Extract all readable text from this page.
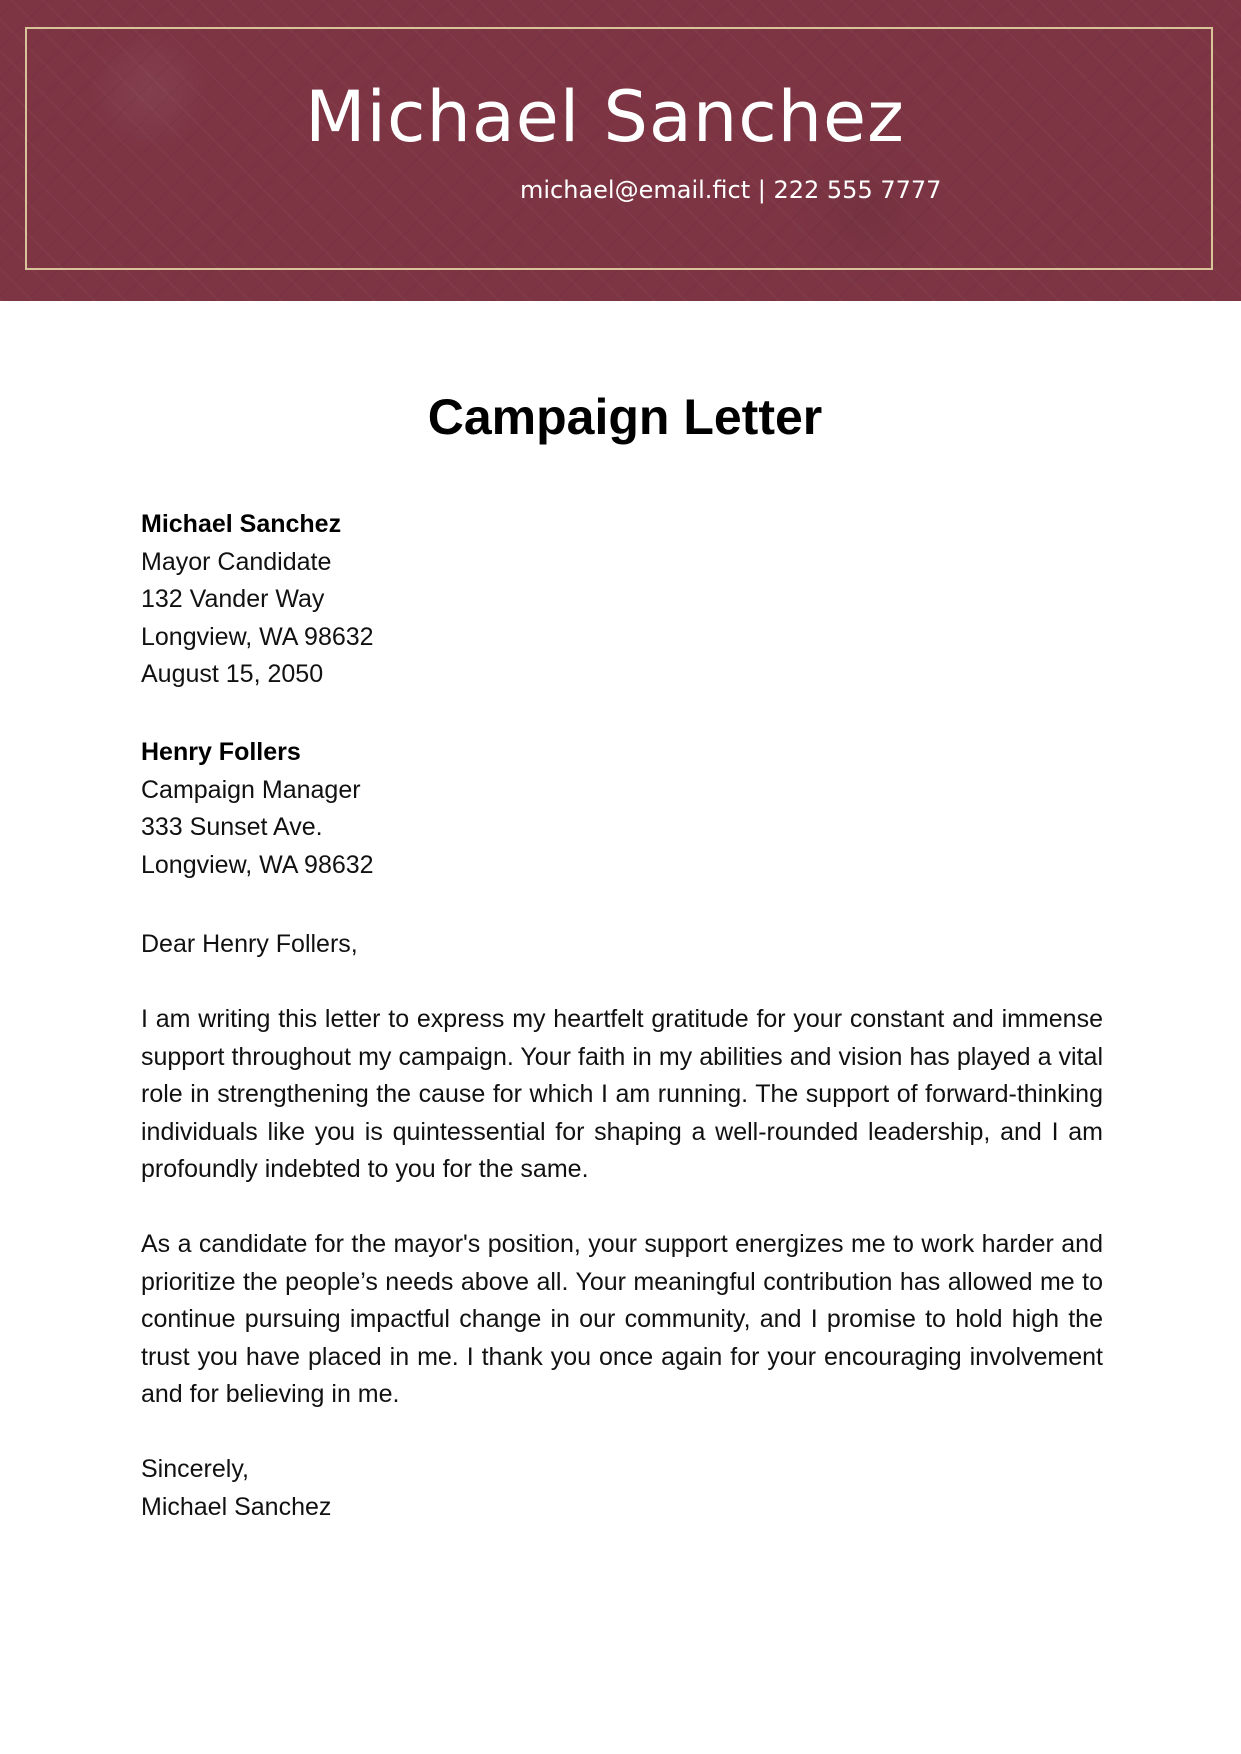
Michael Sanchez
michael@email.fict | 222 555 7777
Campaign Letter
Michael Sanchez
Mayor Candidate
132 Vander Way
Longview, WA 98632
August 15, 2050
Henry Follers
Campaign Manager
333 Sunset Ave.
Longview, WA 98632
Dear Henry Follers,

I am writing this letter to express my heartfelt gratitude for your constant and immense support throughout my campaign. Your faith in my abilities and vision has played a vital role in strengthening the cause for which I am running. The support of forward-thinking individuals like you is quintessential for shaping a well-rounded leadership, and I am profoundly indebted to you for the same.

As a candidate for the mayor's position, your support energizes me to work harder and prioritize the people’s needs above all. Your meaningful contribution has allowed me to continue pursuing impactful change in our community, and I promise to hold high the trust you have placed in me. I thank you once again for your encouraging involvement and for believing in me.

Sincerely,
Michael Sanchez
